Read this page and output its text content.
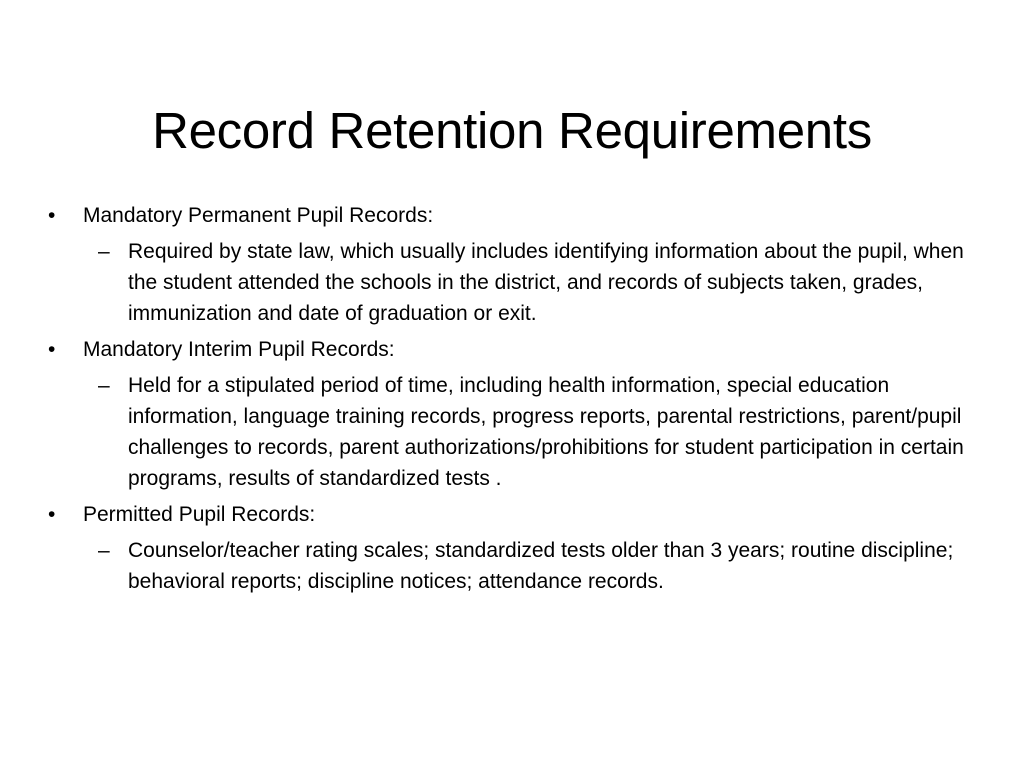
Record Retention Requirements
•	Mandatory Permanent Pupil Records:
– Required by state law, which usually includes identifying information about the pupil, when the student attended the schools in the district, and records of subjects taken, grades, immunization and date of graduation or exit.
•	Mandatory Interim Pupil Records:
– Held for a stipulated period of time, including health information, special education information, language training records, progress reports, parental restrictions, parent/pupil challenges to records, parent authorizations/prohibitions for student participation in certain programs, results of standardized tests .
•	Permitted Pupil Records:
– Counselor/teacher rating scales; standardized tests older than 3 years; routine discipline; behavioral reports; discipline notices; attendance records.
